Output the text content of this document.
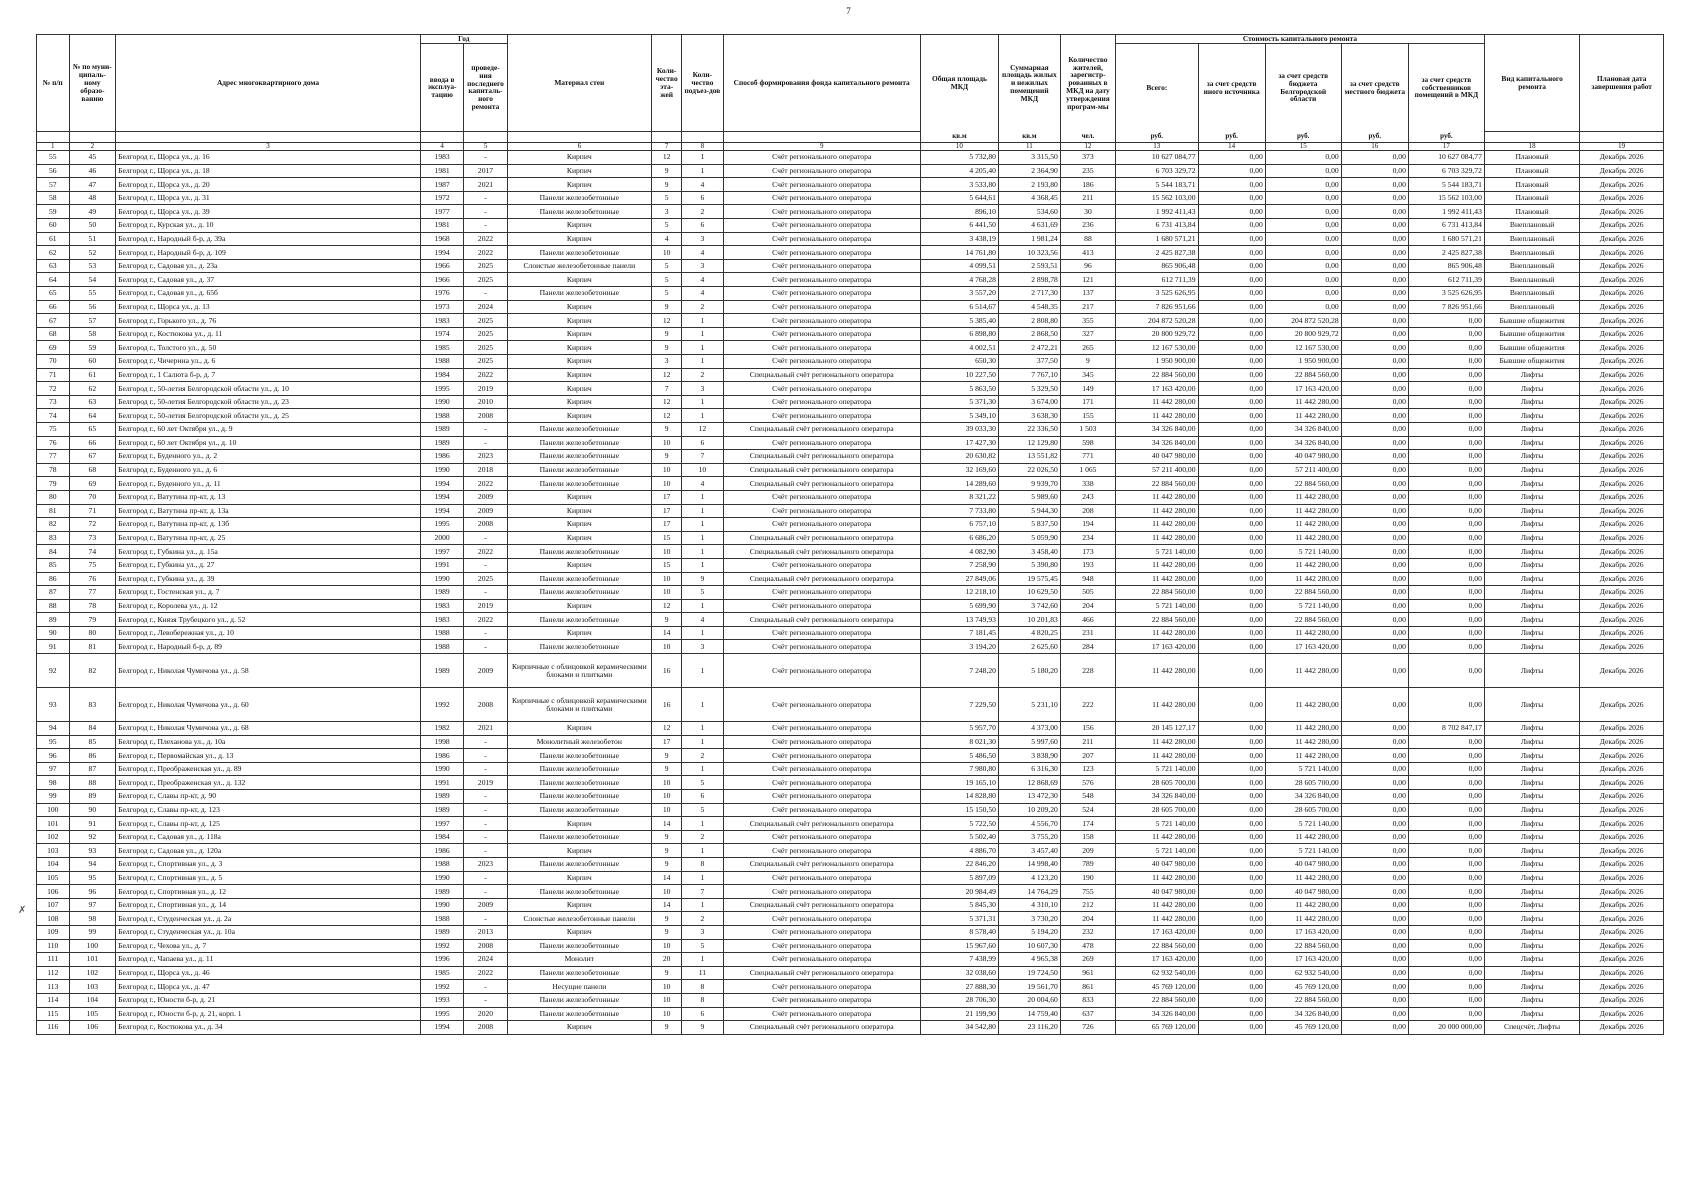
7
✗
№ п/п	№ по муни-ципаль-ному образо-ванию	Адрес многоквартирного дома	Год		Материал стен	Коли-чество эта-жей	Коли-чество подъез-дов	Способ формирования фонда капитального ремонта	Общая площадь МКД	Суммарная площадь жилых и нежилых помещений МКД	Количество жителей, зарегистр-рованных в МКД на дату утверждения програм-мы	Стоимость капитального ремонта					Вид капитального ремонта	Плановая дата завершения работ
			ввода в эксплуа-тацию	проведе-ния последнего капиталь-ного ремонта								Всего:	за счет средств иного источника	за счет средств бюджета Белгородской области	за счет средств местного бюджета	за счет средств собственников помещений в МКД		
									кв.м	кв.м	чел.	руб.	руб.	руб.	руб.	руб.		
1	2	3	4	5	6	7	8	9	10	11	12	13	14	15	16	17	18	19
55	45	Белгород г., Щорса ул., д. 16	1983	-	Кирпич	12	1	Счёт регионального оператора	5 732,80	3 315,50	373	10 627 084,77	0,00	0,00	0,00	10 627 084,77	Плановый	Декабрь 2026
56	46	Белгород г., Щорса ул., д. 18	1981	2017	Кирпич	9	1	Счёт регионального оператора	4 205,40	2 364,90	235	6 703 329,72	0,00	0,00	0,00	6 703 329,72	Плановый	Декабрь 2026
57	47	Белгород г., Щорса ул., д. 20	1987	2021	Кирпич	9	4	Счёт регионального оператора	3 533,80	2 193,80	186	5 544 183,71	0,00	0,00	0,00	5 544 183,71	Плановый	Декабрь 2026
58	48	Белгород г., Щорса ул., д. 31	1972	-	Панели железобетонные	5	6	Счёт регионального оператора	5 644,61	4 368,45	211	15 562 103,00	0,00	0,00	0,00	15 562 103,00	Плановый	Декабрь 2026
59	49	Белгород г., Щорса ул., д. 39	1977	-	Панели железобетонные	3	2	Счёт регионального оператора	896,10	534,60	30	1 992 411,43	0,00	0,00	0,00	1 992 411,43	Плановый	Декабрь 2026
60	50	Белгород г., Курская ул., д. 10	1981	-	Кирпич	5	6	Счёт регионального оператора	6 441,50	4 631,69	236	6 731 413,84	0,00	0,00	0,00	6 731 413,84	Внеплановый	Декабрь 2026
61	51	Белгород г., Народный б-р, д. 39а	1968	2022	Кирпич	4	3	Счёт регионального оператора	3 438,19	1 981,24	88	1 680 571,21	0,00	0,00	0,00	1 680 571,21	Внеплановый	Декабрь 2026
62	52	Белгород г., Народный б-р, д. 109	1994	2022	Панели железобетонные	10	4	Счёт регионального оператора	14 761,80	10 323,56	413	2 425 827,38	0,00	0,00	0,00	2 425 827,38	Внеплановый	Декабрь 2026
63	53	Белгород г., Садовая ул., д. 23а	1966	2025	Слоистые железобетонные панели	5	3	Счёт регионального оператора	4 099,51	2 593,51	96	865 906,48	0,00	0,00	0,00	865 906,48	Внеплановый	Декабрь 2026
64	54	Белгород г., Садовая ул., д. 37	1966	2025	Кирпич	5	4	Счёт регионального оператора	4 768,28	2 898,78	121	612 711,39	0,00	0,00	0,00	612 711,39	Внеплановый	Декабрь 2026
65	55	Белгород г., Садовая ул., д. 65б	1976	-	Панели железобетонные	5	4	Счёт регионального оператора	3 557,20	2 717,30	137	3 525 626,95	0,00	0,00	0,00	3 525 626,95	Внеплановый	Декабрь 2026
66	56	Белгород г., Щорса ул., д. 13	1973	2024	Кирпич	9	2	Счёт регионального оператора	6 514,67	4 548,35	217	7 826 951,66	0,00	0,00	0,00	7 826 951,66	Внеплановый	Декабрь 2026
67	57	Белгород г., Горького ул., д. 76	1983	2025	Кирпич	12	1	Счёт регионального оператора	5 385,40	2 808,80	355	204 872 520,28	0,00	204 872 520,28	0,00	0,00	Бывшие общежития	Декабрь 2026
68	58	Белгород г., Костюкова ул., д. 11	1974	2025	Кирпич	9	1	Счёт регионального оператора	6 898,80	2 868,50	327	20 800 929,72	0,00	20 800 929,72	0,00	0,00	Бывшие общежития	Декабрь 2026
69	59	Белгород г., Толстого ул., д. 50	1985	2025	Кирпич	9	1	Счёт регионального оператора	4 002,51	2 472,21	265	12 167 530,00	0,00	12 167 530,00	0,00	0,00	Бывшие общежития	Декабрь 2026
70	60	Белгород г., Чичерина ул., д. 6	1988	2025	Кирпич	3	1	Счёт регионального оператора	650,30	377,50	9	1 950 900,00	0,00	1 950 900,00	0,00	0,00	Бывшие общежития	Декабрь 2026
71	61	Белгород г., 1 Салюта б-р, д. 7	1984	2022	Кирпич	12	2	Специальный счёт регионального оператора	10 227,50	7 767,10	345	22 884 560,00	0,00	22 884 560,00	0,00	0,00	Лифты	Декабрь 2026
72	62	Белгород г., 50-летия Белгородской области ул., д. 10	1995	2019	Кирпич	7	3	Счёт регионального оператора	5 863,50	5 329,50	149	17 163 420,00	0,00	17 163 420,00	0,00	0,00	Лифты	Декабрь 2026
73	63	Белгород г., 50-летия Белгородской области ул., д. 23	1990	2010	Кирпич	12	1	Счёт регионального оператора	5 371,30	3 674,00	171	11 442 280,00	0,00	11 442 280,00	0,00	0,00	Лифты	Декабрь 2026
74	64	Белгород г., 50-летия Белгородской области ул., д. 25	1988	2008	Кирпич	12	1	Счёт регионального оператора	5 349,10	3 638,30	155	11 442 280,00	0,00	11 442 280,00	0,00	0,00	Лифты	Декабрь 2026
75	65	Белгород г., 60 лет Октября ул., д. 9	1989	-	Панели железобетонные	9	12	Специальный счёт регионального оператора	39 033,30	22 336,50	1 503	34 326 840,00	0,00	34 326 840,00	0,00	0,00	Лифты	Декабрь 2026
76	66	Белгород г., 60 лет Октября ул., д. 10	1989	-	Панели железобетонные	10	6	Счёт регионального оператора	17 427,30	12 129,80	598	34 326 840,00	0,00	34 326 840,00	0,00	0,00	Лифты	Декабрь 2026
77	67	Белгород г., Буденного ул., д. 2	1986	2023	Панели железобетонные	9	7	Специальный счёт регионального оператора	20 630,82	13 551,82	771	40 047 980,00	0,00	40 047 980,00	0,00	0,00	Лифты	Декабрь 2026
78	68	Белгород г., Буденного ул., д. 6	1990	2018	Панели железобетонные	10	10	Специальный счёт регионального оператора	32 169,60	22 026,50	1 065	57 211 400,00	0,00	57 211 400,00	0,00	0,00	Лифты	Декабрь 2026
79	69	Белгород г., Буденного ул., д. 11	1994	2022	Панели железобетонные	10	4	Специальный счёт регионального оператора	14 289,60	9 939,70	338	22 884 560,00	0,00	22 884 560,00	0,00	0,00	Лифты	Декабрь 2026
80	70	Белгород г., Ватутина пр-кт, д. 13	1994	2009	Кирпич	17	1	Счёт регионального оператора	8 321,22	5 989,60	243	11 442 280,00	0,00	11 442 280,00	0,00	0,00	Лифты	Декабрь 2026
81	71	Белгород г., Ватутина пр-кт, д. 13а	1994	2009	Кирпич	17	1	Счёт регионального оператора	7 733,80	5 944,30	208	11 442 280,00	0,00	11 442 280,00	0,00	0,00	Лифты	Декабрь 2026
82	72	Белгород г., Ватутина пр-кт, д. 13б	1995	2008	Кирпич	17	1	Счёт регионального оператора	6 757,10	5 837,50	194	11 442 280,00	0,00	11 442 280,00	0,00	0,00	Лифты	Декабрь 2026
83	73	Белгород г., Ватутина пр-кт, д. 25	2000	-	Кирпич	15	1	Специальный счёт регионального оператора	6 686,20	5 059,90	234	11 442 280,00	0,00	11 442 280,00	0,00	0,00	Лифты	Декабрь 2026
84	74	Белгород г., Губкина ул., д. 15а	1997	2022	Панели железобетонные	10	1	Специальный счёт регионального оператора	4 082,90	3 458,40	173	5 721 140,00	0,00	5 721 140,00	0,00	0,00	Лифты	Декабрь 2026
85	75	Белгород г., Губкина ул., д. 27	1991	-	Кирпич	15	1	Счёт регионального оператора	7 258,90	5 390,80	193	11 442 280,00	0,00	11 442 280,00	0,00	0,00	Лифты	Декабрь 2026
86	76	Белгород г., Губкина ул., д. 39	1990	2025	Панели железобетонные	10	9	Специальный счёт регионального оператора	27 849,06	19 575,45	948	11 442 280,00	0,00	11 442 280,00	0,00	0,00	Лифты	Декабрь 2026
87	77	Белгород г., Гостенская ул., д. 7	1989	-	Панели железобетонные	10	5	Счёт регионального оператора	12 218,10	10 629,50	505	22 884 560,00	0,00	22 884 560,00	0,00	0,00	Лифты	Декабрь 2026
88	78	Белгород г., Королева ул., д. 12	1983	2019	Кирпич	12	1	Счёт регионального оператора	5 699,90	3 742,60	204	5 721 140,00	0,00	5 721 140,00	0,00	0,00	Лифты	Декабрь 2026
89	79	Белгород г., Князя Трубецкого ул., д. 52	1983	2022	Панели железобетонные	9	4	Специальный счёт регионального оператора	13 749,93	10 201,83	466	22 884 560,00	0,00	22 884 560,00	0,00	0,00	Лифты	Декабрь 2026
90	80	Белгород г., Левобережная ул., д. 10	1988	-	Кирпич	14	1	Счёт регионального оператора	7 181,45	4 820,25	231	11 442 280,00	0,00	11 442 280,00	0,00	0,00	Лифты	Декабрь 2026
91	81	Белгород г., Народный б-р, д. 89	1988	-	Панели железобетонные	10	3	Счёт регионального оператора	3 194,20	2 625,60	284	17 163 420,00	0,00	17 163 420,00	0,00	0,00	Лифты	Декабрь 2026
92	82	Белгород г., Николая Чумичова ул., д. 58	1989	2009	Кирпичные с облицовкой керамическими блоками и плитками	16	1	Счёт регионального оператора	7 248,20	5 180,20	228	11 442 280,00	0,00	11 442 280,00	0,00	0,00	Лифты	Декабрь 2026
93	83	Белгород г., Николая Чумичова ул., д. 60	1992	2008	Кирпичные с облицовкой керамическими блоками и плитками	16	1	Счёт регионального оператора	7 229,50	5 231,10	222	11 442 280,00	0,00	11 442 280,00	0,00	0,00	Лифты	Декабрь 2026
94	84	Белгород г., Николая Чумичова ул., д. 68	1982	2021	Кирпич	12	1	Счёт регионального оператора	5 957,70	4 373,00	156	20 145 127,17	0,00	11 442 280,00	0,00	8 702 847,17	Лифты	Декабрь 2026
95	85	Белгород г., Плеханова ул., д. 10а	1998	-	Монолитный железобетон	17	1	Счёт регионального оператора	8 021,30	5 997,60	211	11 442 280,00	0,00	11 442 280,00	0,00	0,00	Лифты	Декабрь 2026
96	86	Белгород г., Первомайская ул., д. 13	1986	-	Панели железобетонные	9	2	Счёт регионального оператора	5 486,50	3 838,90	207	11 442 280,00	0,00	11 442 280,00	0,00	0,00	Лифты	Декабрь 2026
97	87	Белгород г., Преображенская ул., д. 89	1990	-	Панели железобетонные	9	1	Счёт регионального оператора	7 980,80	6 316,30	123	5 721 140,00	0,00	5 721 140,00	0,00	0,00	Лифты	Декабрь 2026
98	88	Белгород г., Преображенская ул., д. 132	1991	2019	Панели железобетонные	10	5	Счёт регионального оператора	19 165,10	12 868,69	576	28 605 700,00	0,00	28 605 700,00	0,00	0,00	Лифты	Декабрь 2026
99	89	Белгород г., Славы пр-кт, д. 90	1989	-	Панели железобетонные	10	6	Счёт регионального оператора	14 828,80	13 472,30	548	34 326 840,00	0,00	34 326 840,00	0,00	0,00	Лифты	Декабрь 2026
100	90	Белгород г., Славы пр-кт, д. 123	1989	-	Панели железобетонные	10	5	Счёт регионального оператора	15 150,50	10 209,20	524	28 605 700,00	0,00	28 605 700,00	0,00	0,00	Лифты	Декабрь 2026
101	91	Белгород г., Славы пр-кт, д. 125	1997	-	Кирпич	14	1	Специальный счёт регионального оператора	5 722,50	4 556,70	174	5 721 140,00	0,00	5 721 140,00	0,00	0,00	Лифты	Декабрь 2026
102	92	Белгород г., Садовая ул., д. 118а	1984	-	Панели железобетонные	9	2	Счёт регионального оператора	5 502,40	3 755,20	158	11 442 280,00	0,00	11 442 280,00	0,00	0,00	Лифты	Декабрь 2026
103	93	Белгород г., Садовая ул., д. 120а	1986	-	Кирпич	9	1	Счёт регионального оператора	4 886,70	3 457,40	209	5 721 140,00	0,00	5 721 140,00	0,00	0,00	Лифты	Декабрь 2026
104	94	Белгород г., Спортивная ул., д. 3	1988	2023	Панели железобетонные	9	8	Специальный счёт регионального оператора	22 846,20	14 998,40	789	40 047 980,00	0,00	40 047 980,00	0,00	0,00	Лифты	Декабрь 2026
105	95	Белгород г., Спортивная ул., д. 5	1990	-	Кирпич	14	1	Счёт регионального оператора	5 897,09	4 123,20	190	11 442 280,00	0,00	11 442 280,00	0,00	0,00	Лифты	Декабрь 2026
106	96	Белгород г., Спортивная ул., д. 12	1989	-	Панели железобетонные	10	7	Счёт регионального оператора	20 984,49	14 764,29	755	40 047 980,00	0,00	40 047 980,00	0,00	0,00	Лифты	Декабрь 2026
107	97	Белгород г., Спортивная ул., д. 14	1990	2009	Кирпич	14	1	Специальный счёт регионального оператора	5 845,30	4 310,10	212	11 442 280,00	0,00	11 442 280,00	0,00	0,00	Лифты	Декабрь 2026
108	98	Белгород г., Студенческая ул., д. 2а	1988	-	Слоистые железобетонные панели	9	2	Счёт регионального оператора	5 371,31	3 730,20	204	11 442 280,00	0,00	11 442 280,00	0,00	0,00	Лифты	Декабрь 2026
109	99	Белгород г., Студенческая ул., д. 10а	1989	2013	Кирпич	9	3	Счёт регионального оператора	8 578,40	5 194,20	232	17 163 420,00	0,00	17 163 420,00	0,00	0,00	Лифты	Декабрь 2026
110	100	Белгород г., Чехова ул., д. 7	1992	2008	Панели железобетонные	10	5	Счёт регионального оператора	15 967,60	10 607,30	478	22 884 560,00	0,00	22 884 560,00	0,00	0,00	Лифты	Декабрь 2026
111	101	Белгород г., Чапаева ул., д. 11	1996	2024	Монолит	20	1	Счёт регионального оператора	7 438,99	4 965,38	269	17 163 420,00	0,00	17 163 420,00	0,00	0,00	Лифты	Декабрь 2026
112	102	Белгород г., Щорса ул., д. 46	1985	2022	Панели железобетонные	9	11	Специальный счёт регионального оператора	32 038,60	19 724,50	961	62 932 540,00	0,00	62 932 540,00	0,00	0,00	Лифты	Декабрь 2026
113	103	Белгород г., Щорса ул., д. 47	1992	-	Несущие панели	10	8	Счёт регионального оператора	27 888,30	19 561,70	861	45 769 120,00	0,00	45 769 120,00	0,00	0,00	Лифты	Декабрь 2026
114	104	Белгород г., Юности б-р, д. 21	1993	-	Панели железобетонные	10	8	Счёт регионального оператора	28 706,30	20 004,60	833	22 884 560,00	0,00	22 884 560,00	0,00	0,00	Лифты	Декабрь 2026
115	105	Белгород г., Юности б-р, д. 21, корп. 1	1995	2020	Панели железобетонные	10	6	Счёт регионального оператора	21 199,90	14 759,40	637	34 326 840,00	0,00	34 326 840,00	0,00	0,00	Лифты	Декабрь 2026
116	106	Белгород г., Костюкова ул., д. 34	1994	2008	Кирпич	9	9	Специальный счёт регионального оператора	34 542,80	23 116,20	726	65 769 120,00	0,00	45 769 120,00	0,00	20 000 000,00	Спецсчёт, Лифты	Декабрь 2026
